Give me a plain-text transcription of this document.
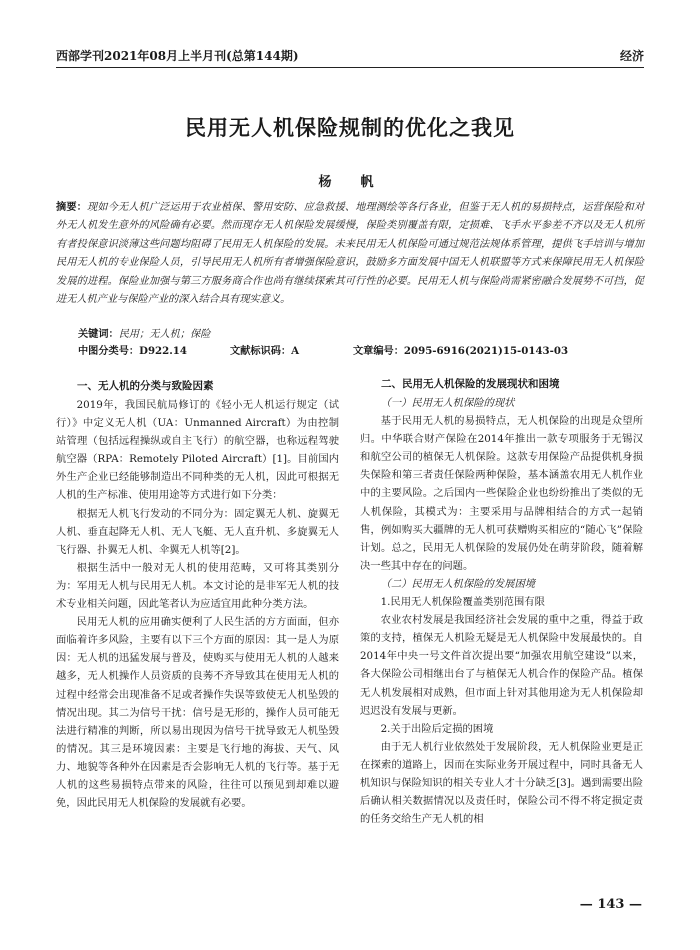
西部学刊2021年08月上半月刊(总第144期)	经济
民用无人机保险规制的优化之我见
杨　帆
摘要：现如今无人机广泛运用于农业植保、警用安防、应急救援、地理测绘等各行各业，但鉴于无人机的易损特点，运营保险和对外无人机发生意外的风险确有必要。然而现存无人机保险发展缓慢，保险类别覆盖有限，定损难、飞手水平参差不齐以及无人机所有者投保意识淡薄这些问题均阻碍了民用无人机保险的发展。未来民用无人机保险可通过规范法规体系管理，提供飞手培训与增加民用无人机的专业保险人员，引导民用无人机所有者增强保险意识，鼓励多方面发展中国无人机联盟等方式来保障民用无人机保险发展的进程。保险业加强与第三方服务商合作也尚有继续探索其可行性的必要。民用无人机与保险尚需紧密融合发展势不可挡，促进无人机产业与保险产业的深入结合具有现实意义。
关键词：民用；无人机；保险
中图分类号：D922.14	文献标识码：A	文章编号：2095-6916(2021)15-0143-03
一、无人机的分类与致险因素

2019年，我国民航局修订的《轻小无人机运行规定（试行）》中定义无人机（UA：Unmanned Aircraft）为由控制站管理（包括远程操纵或自主飞行）的航空器，也称远程驾驶航空器（RPA：Remotely Piloted Aircraft）[1]。目前国内外生产企业已经能够制造出不同种类的无人机，因此可根据无人机的生产标准、使用用途等方式进行如下分类：

根据无人机飞行发动的不同分为：固定翼无人机、旋翼无人机、垂直起降无人机、无人飞艇、无人直升机、多旋翼无人飞行器、扑翼无人机、伞翼无人机等[2]。

根据生活中一般对无人机的使用范畴，又可将其类别分为：军用无人机与民用无人机。本文讨论的是非军无人机的技术专业相关问题，因此笔者认为应适宜用此种分类方法。

民用无人机的应用确实便利了人民生活的方方面面，但亦面临着许多风险，主要有以下三个方面的原因：其一是人为原因：无人机的迅猛发展与普及，使购买与使用无人机的人越来越多，无人机操作人员资质的良莠不齐导致其在使用无人机的过程中经常会出现准备不足或者操作失误等致使无人机坠毁的情况出现。其二为信号干扰：信号是无形的，操作人员可能无法进行精准的判断，所以易出现因为信号干扰导致无人机坠毁的情况。其三是环境因素：主要是飞行地的海拔、天气、风力、地貌等各种外在因素是否会影响无人机的飞行等。基于无人机的这些易损特点带来的风险，往往可以预见到却难以避免，因此民用无人机保险的发展就有必要。

二、民用无人机保险的发展现状和困境
（一）民用无人机保险的现状

基于民用无人机的易损特点，无人机保险的出现是众望所归。中华联合财产保险在2014年推出一款专项服务于无锡汉和航空公司的植保无人机保险。这款专用保险产品提供机身损失保险和第三者责任保险两种保险，基本涵盖农用无人机作业中的主要风险。之后国内一些保险企业也纷纷推出了类似的无人机保险，其模式为：主要采用与品牌相结合的方式一起销售，例如购买大疆牌的无人机可获赠购买相应的“随心飞”保险计划。总之，民用无人机保险的发展仍处在萌芽阶段，随着解决一些其中存在的问题。

（二）民用无人机保险的发展困境
1.民用无人机保险覆盖类别范围有限

农业农村发展是我国经济社会发展的重中之重，得益于政策的支持，植保无人机险无疑是无人机保险中发展最快的。自2014年中央一号文件首次提出要“加强农用航空建设”以来，各大保险公司相继出台了与植保无人机合作的保险产品。植保无人机发展相对成熟，但市面上针对其他用途为无人机保险却迟迟没有发展与更新。

2.关于出险后定损的困境

由于无人机行业依然处于发展阶段，无人机保险业更是正在探索的道路上，因而在实际业务开展过程中，同时具备无人机知识与保险知识的相关专业人才十分缺乏[3]。遇到需要出险后确认相关数据情况以及责任时，保险公司不得不将定损定责的任务交给生产无人机的相

— 143 —
